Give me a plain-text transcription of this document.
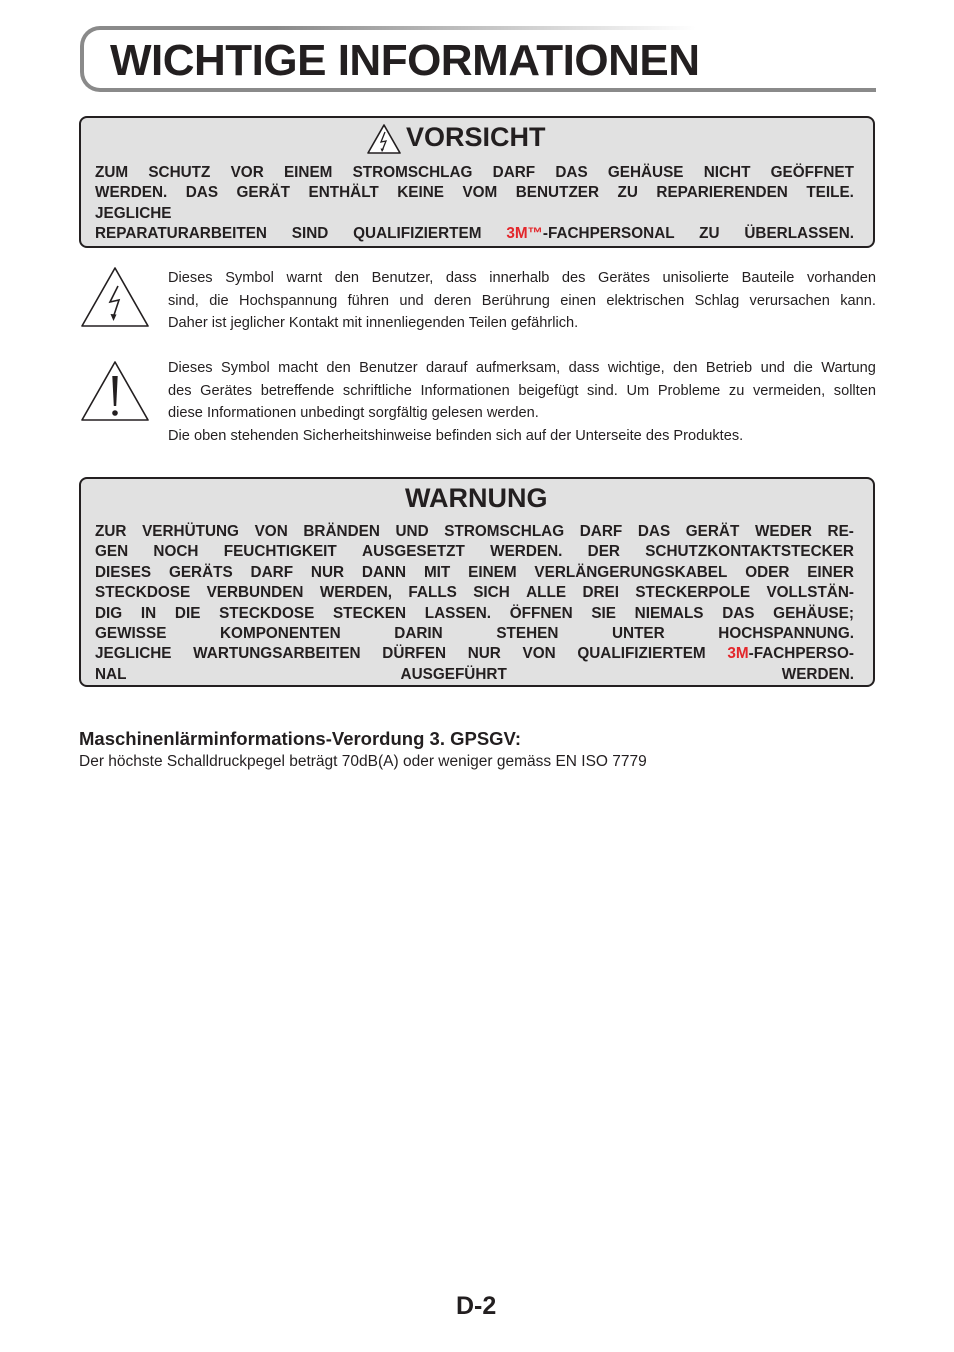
WICHTIGE INFORMATIONEN
VORSICHT
ZUM SCHUTZ VOR EINEM STROMSCHLAG DARF DAS GEHÄUSE NICHT GEÖFFNET
WERDEN. DAS GERÄT ENTHÄLT KEINE VOM BENUTZER ZU REPARIERENDEN TEILE.
JEGLICHE
REPARATURARBEITEN SIND QUALIFIZIERTEM 3M™-FACHPERSONAL ZU ÜBERLASSEN.
Dieses Symbol warnt den Benutzer, dass innerhalb des Gerätes unisolierte Bauteile vorhanden
sind, die Hochspannung führen und deren Berührung einen elektrischen Schlag verursachen kann.
Daher ist jeglicher Kontakt mit innenliegenden Teilen gefährlich.
Dieses Symbol macht den Benutzer darauf aufmerksam, dass wichtige, den Betrieb und die Wartung
des Gerätes betreffende schriftliche Informationen beigefügt sind. Um Probleme zu vermeiden, sollten
diese Informationen unbedingt sorgfältig gelesen werden.
Die oben stehenden Sicherheitshinweise befinden sich auf der Unterseite des Produktes.
WARNUNG
ZUR VERHÜTUNG VON BRÄNDEN UND STROMSCHLAG DARF DAS GERÄT WEDER RE-
GEN NOCH FEUCHTIGKEIT AUSGESETZT WERDEN. DER SCHUTZKONTAKTSTECKER
DIESES GERÄTS DARF NUR DANN MIT EINEM VERLÄNGERUNGSKABEL ODER EINER
STECKDOSE VERBUNDEN WERDEN, FALLS SICH ALLE DREI STECKERPOLE VOLLSTÄN-
DIG IN DIE STECKDOSE STECKEN LASSEN. ÖFFNEN SIE NIEMALS DAS GEHÄUSE;
GEWISSE KOMPONENTEN DARIN STEHEN UNTER HOCHSPANNUNG.
JEGLICHE WARTUNGSARBEITEN DÜRFEN NUR VON QUALIFIZIERTEM 3M-FACHPERSO-
NAL AUSGEFÜHRT WERDEN.
Maschinenlärminformations-Verordung 3. GPSGV:
Der höchste Schalldruckpegel beträgt 70dB(A) oder weniger gemäss EN ISO 7779
D-2
